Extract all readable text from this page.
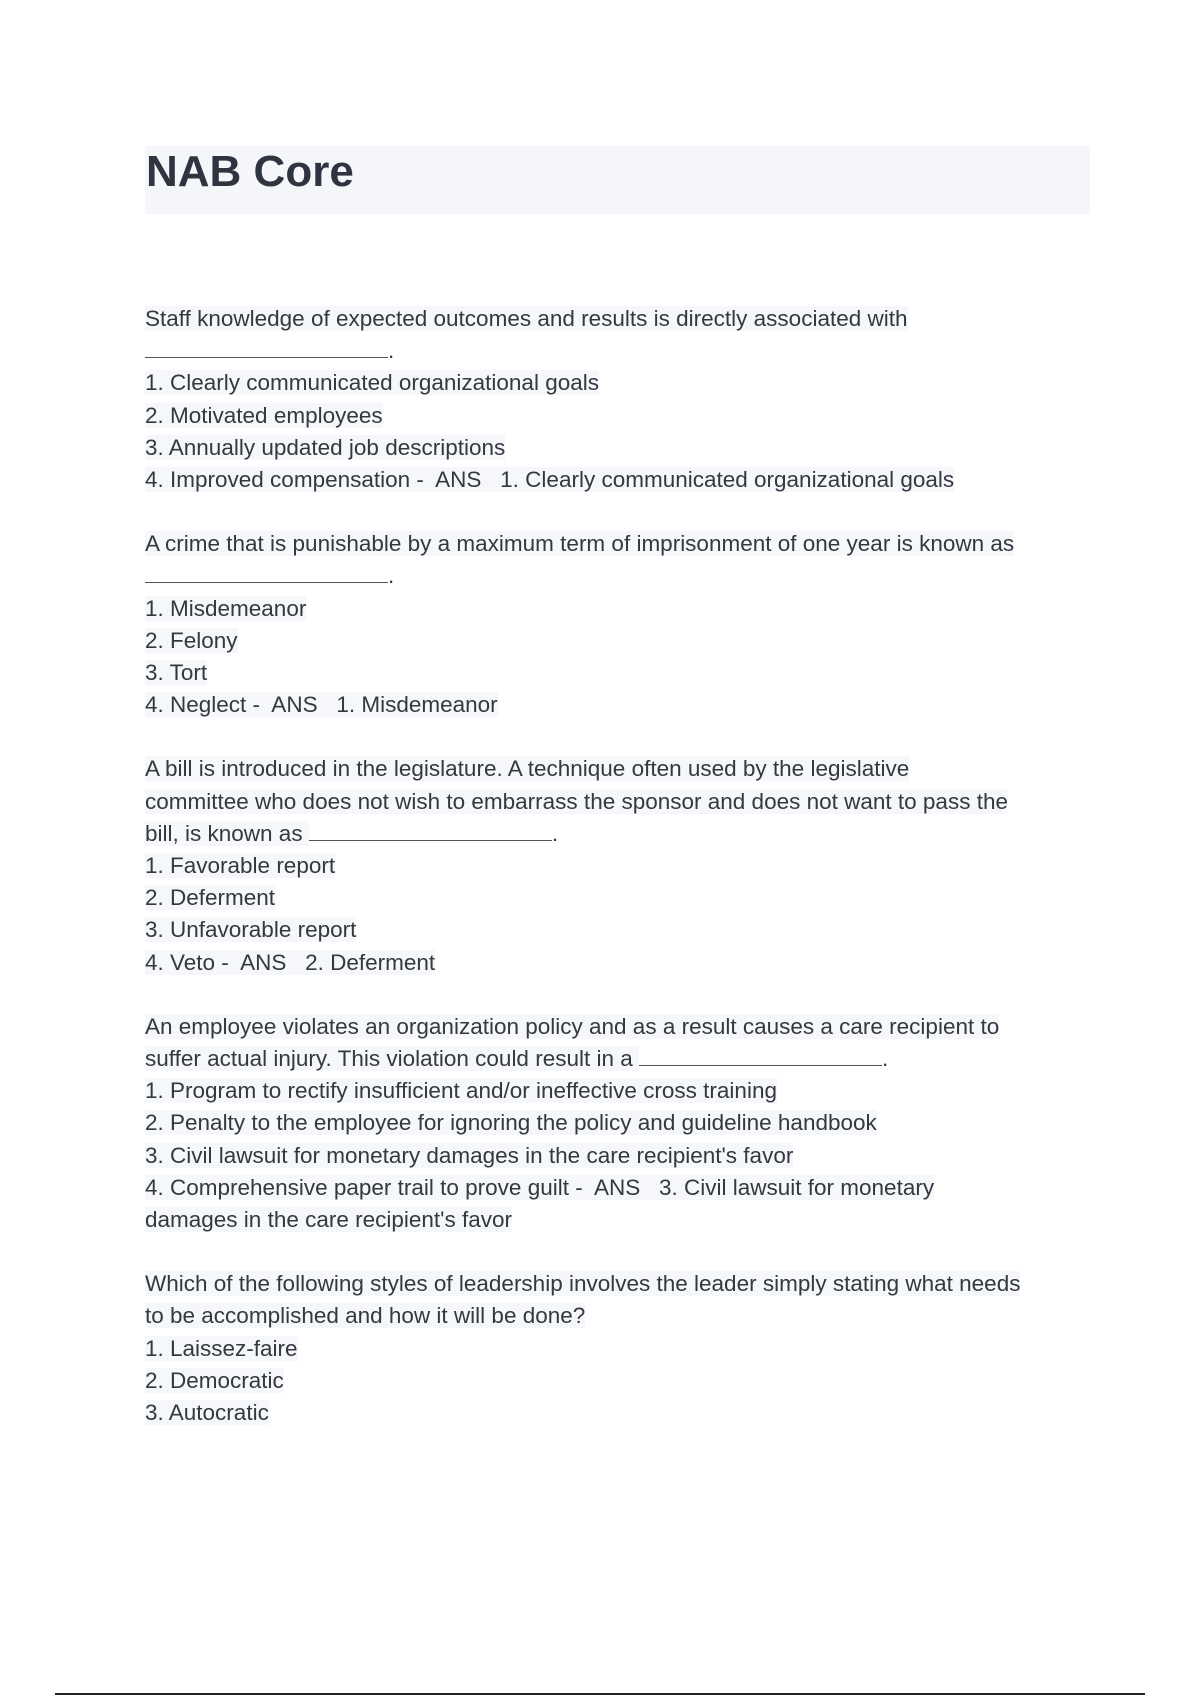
NAB Core
Staff knowledge of expected outcomes and results is directly associated with
.
1. Clearly communicated organizational goals
2. Motivated employees
3. Annually updated job descriptions
4. Improved compensation -  ANS   1. Clearly communicated organizational goals
A crime that is punishable by a maximum term of imprisonment of one year is known as
.
1. Misdemeanor
2. Felony
3. Tort
4. Neglect -  ANS   1. Misdemeanor
A bill is introduced in the legislature. A technique often used by the legislative
committee who does not wish to embarrass the sponsor and does not want to pass the
bill, is known as	.
1. Favorable report
2. Deferment
3. Unfavorable report
4. Veto -  ANS   2. Deferment
An employee violates an organization policy and as a result causes a care recipient to
suffer actual injury. This violation could result in a	.
1. Program to rectify insufficient and/or ineffective cross training
2. Penalty to the employee for ignoring the policy and guideline handbook
3. Civil lawsuit for monetary damages in the care recipient's favor
4. Comprehensive paper trail to prove guilt -  ANS   3. Civil lawsuit for monetary
damages in the care recipient's favor
Which of the following styles of leadership involves the leader simply stating what needs
to be accomplished and how it will be done?
1. Laissez-faire
2. Democratic
3. Autocratic
